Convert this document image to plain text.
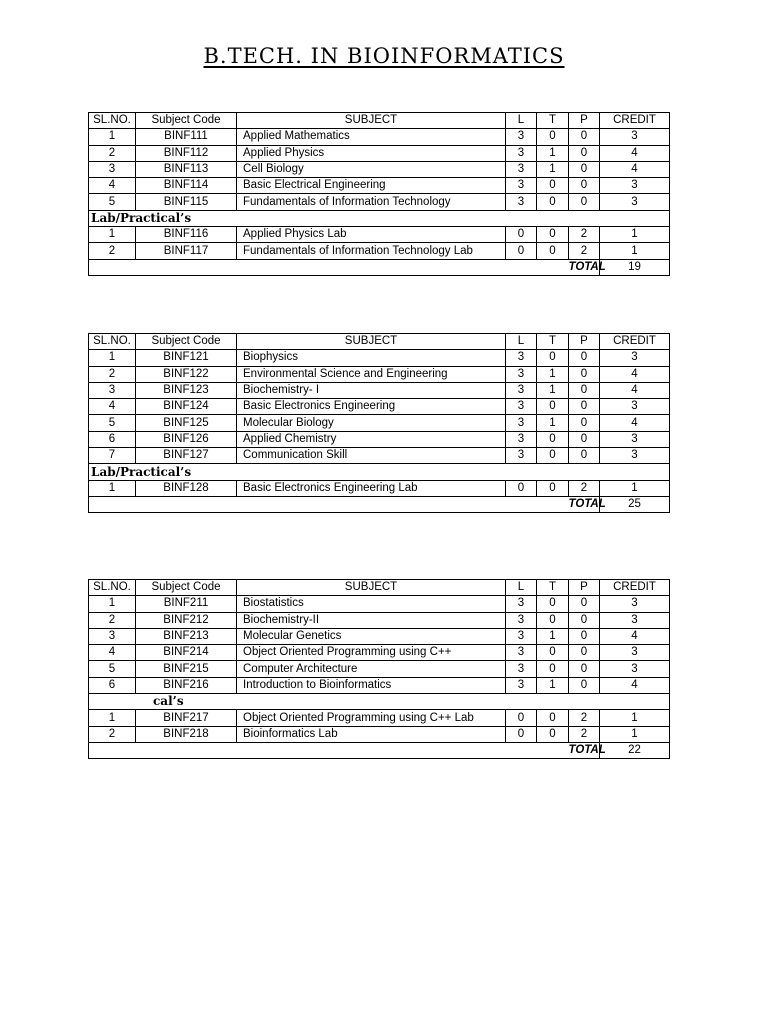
B.TECH. IN BIOINFORMATICS
SL.NO.	Subject Code	SUBJECT	L	T	P	CREDIT
1	BINF111	Applied Mathematics	3	0	0	3
2	BINF112	Applied Physics	3	1	0	4
3	BINF113	Cell Biology	3	1	0	4
4	BINF114	Basic Electrical Engineering	3	0	0	3
5	BINF115	Fundamentals of Information Technology	3	0	0	3
Lab/Practical’s						
1	BINF116	Applied Physics Lab	0	0	2	1
2	BINF117	Fundamentals of Information Technology Lab	0	0	2	1
					TOTAL	19
SL.NO.	Subject Code	SUBJECT	L	T	P	CREDIT
1	BINF121	Biophysics	3	0	0	3
2	BINF122	Environmental Science and Engineering	3	1	0	4
3	BINF123	Biochemistry- I	3	1	0	4
4	BINF124	Basic Electronics Engineering	3	0	0	3
5	BINF125	Molecular Biology	3	1	0	4
6	BINF126	Applied Chemistry	3	0	0	3
7	BINF127	Communication Skill	3	0	0	3
Lab/Practical’s						
1	BINF128	Basic Electronics Engineering Lab	0	0	2	1
					TOTAL	25
SL.NO.	Subject Code	SUBJECT	L	T	P	CREDIT
1	BINF211	Biostatistics	3	0	0	3
2	BINF212	Biochemistry-II	3	0	0	3
3	BINF213	Molecular Genetics	3	1	0	4
4	BINF214	Object Oriented Programming using C++	3	0	0	3
5	BINF215	Computer Architecture	3	0	0	3
6	BINF216	Introduction to Bioinformatics	3	1	0	4
cal’s						
1	BINF217	Object Oriented Programming using C++ Lab	0	0	2	1
2	BINF218	Bioinformatics Lab	0	0	2	1
					TOTAL	22
